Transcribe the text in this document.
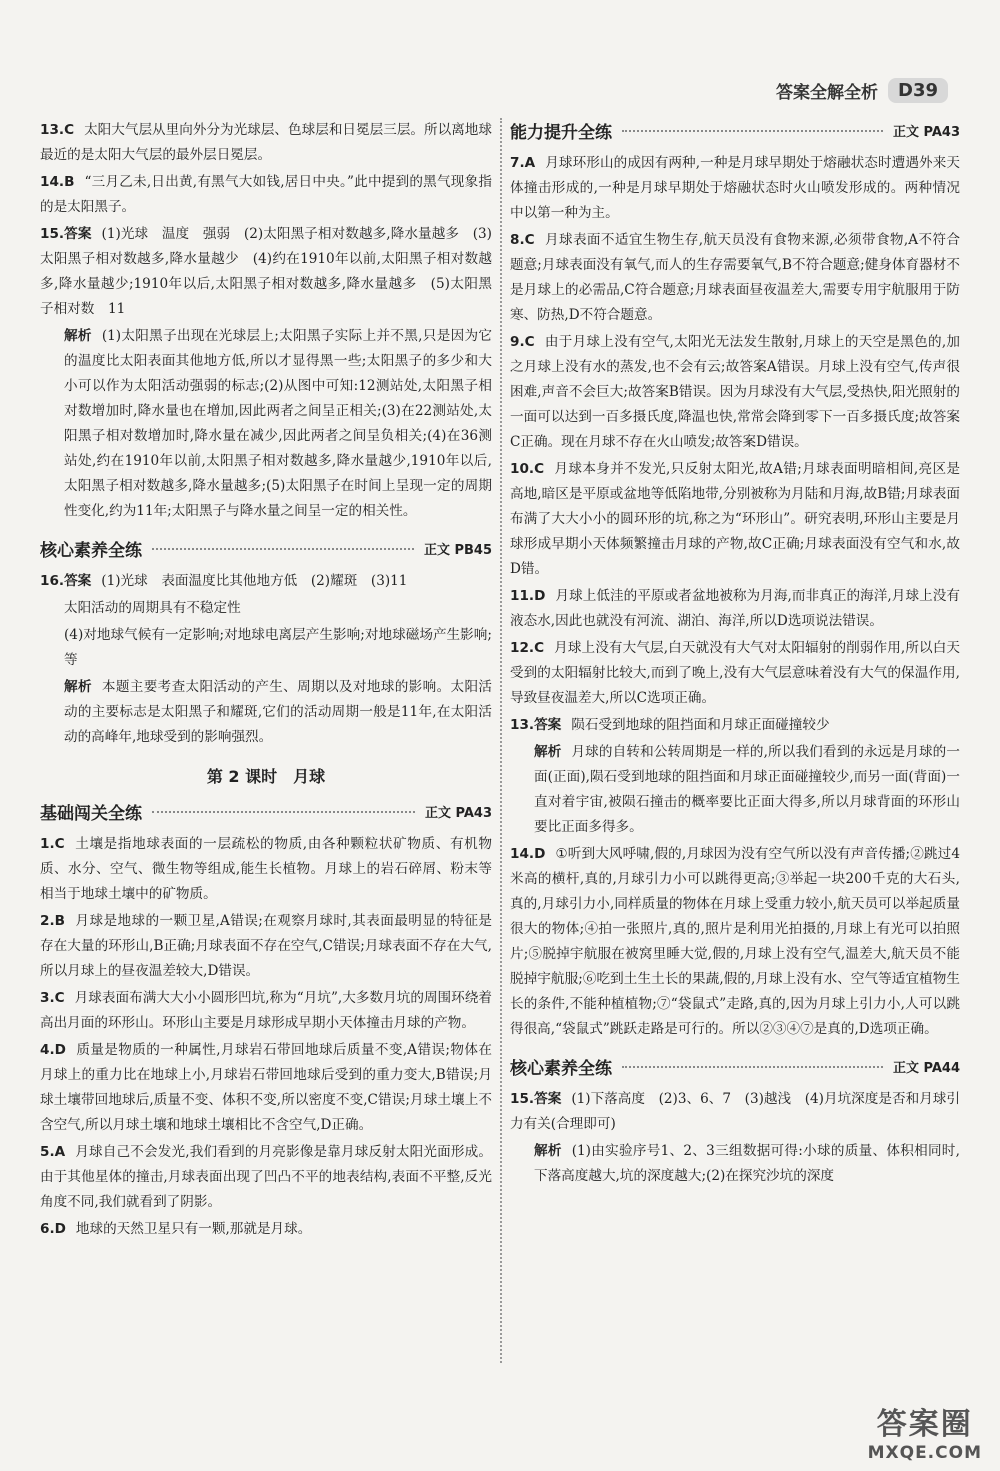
答案全解全析	D39
13.C 太阳大气层从里向外分为光球层、色球层和日冕层三层。所以离地球最近的是太阳大气层的最外层日冕层。
14.B “三月乙未,日出黄,有黑气大如钱,居日中央。”此中提到的黑气现象指的是太阳黑子。
15.答案 (1)光球　温度　强弱　(2)太阳黑子相对数越多,降水量越多　(3)太阳黑子相对数越多,降水量越少　(4)约在1910年以前,太阳黑子相对数越多,降水量越少;1910年以后,太阳黑子相对数越多,降水量越多　(5)太阳黑子相对数　11
解析 (1)太阳黑子出现在光球层上;太阳黑子实际上并不黑,只是因为它的温度比太阳表面其他地方低,所以才显得黑一些;太阳黑子的多少和大小可以作为太阳活动强弱的标志;(2)从图中可知:12测站处,太阳黑子相对数增加时,降水量也在增加,因此两者之间呈正相关;(3)在22测站处,太阳黑子相对数增加时,降水量在减少,因此两者之间呈负相关;(4)在36测站处,约在1910年以前,太阳黑子相对数越多,降水量越少,1910年以后,太阳黑子相对数越多,降水量越多;(5)太阳黑子在时间上呈现一定的周期性变化,约为11年;太阳黑子与降水量之间呈一定的相关性。
核心素养全练	正文 PB45
16.答案 (1)光球　表面温度比其他地方低　(2)耀斑　(3)11
太阳活动的周期具有不稳定性
(4)对地球气候有一定影响;对地球电离层产生影响;对地球磁场产生影响;等
解析 本题主要考查太阳活动的产生、周期以及对地球的影响。太阳活动的主要标志是太阳黑子和耀斑,它们的活动周期一般是11年,在太阳活动的高峰年,地球受到的影响强烈。
第 2 课时　月球
基础闯关全练	正文 PA43
1.C 土壤是指地球表面的一层疏松的物质,由各种颗粒状矿物质、有机物质、水分、空气、微生物等组成,能生长植物。月球上的岩石碎屑、粉末等相当于地球土壤中的矿物质。
2.B 月球是地球的一颗卫星,A错误;在观察月球时,其表面最明显的特征是存在大量的环形山,B正确;月球表面不存在空气,C错误;月球表面不存在大气,所以月球上的昼夜温差较大,D错误。
3.C 月球表面布满大大小小圆形凹坑,称为“月坑”,大多数月坑的周围环绕着高出月面的环形山。环形山主要是月球形成早期小天体撞击月球的产物。
4.D 质量是物质的一种属性,月球岩石带回地球后质量不变,A错误;物体在月球上的重力比在地球上小,月球岩石带回地球后受到的重力变大,B错误;月球土壤带回地球后,质量不变、体积不变,所以密度不变,C错误;月球土壤上不含空气,所以月球土壤和地球土壤相比不含空气,D正确。
5.A 月球自己不会发光,我们看到的月亮影像是靠月球反射太阳光面形成。由于其他星体的撞击,月球表面出现了凹凸不平的地表结构,表面不平整,反光角度不同,我们就看到了阴影。
6.D 地球的天然卫星只有一颗,那就是月球。
能力提升全练	正文 PA43
7.A 月球环形山的成因有两种,一种是月球早期处于熔融状态时遭遇外来天体撞击形成的,一种是月球早期处于熔融状态时火山喷发形成的。两种情况中以第一种为主。
8.C 月球表面不适宜生物生存,航天员没有食物来源,必须带食物,A不符合题意;月球表面没有氧气,而人的生存需要氧气,B不符合题意;健身体育器材不是月球上的必需品,C符合题意;月球表面昼夜温差大,需要专用宇航服用于防寒、防热,D不符合题意。
9.C 由于月球上没有空气,太阳光无法发生散射,月球上的天空是黑色的,加之月球上没有水的蒸发,也不会有云;故答案A错误。月球上没有空气,传声很困难,声音不会巨大;故答案B错误。因为月球没有大气层,受热快,阳光照射的一面可以达到一百多摄氏度,降温也快,常常会降到零下一百多摄氏度;故答案C正确。现在月球不存在火山喷发;故答案D错误。
10.C 月球本身并不发光,只反射太阳光,故A错;月球表面明暗相间,亮区是高地,暗区是平原或盆地等低陷地带,分别被称为月陆和月海,故B错;月球表面布满了大大小小的圆环形的坑,称之为“环形山”。研究表明,环形山主要是月球形成早期小天体频繁撞击月球的产物,故C正确;月球表面没有空气和水,故D错。
11.D 月球上低洼的平原或者盆地被称为月海,而非真正的海洋,月球上没有液态水,因此也就没有河流、湖泊、海洋,所以D选项说法错误。
12.C 月球上没有大气层,白天就没有大气对太阳辐射的削弱作用,所以白天受到的太阳辐射比较大,而到了晚上,没有大气层意味着没有大气的保温作用,导致昼夜温差大,所以C选项正确。
13.答案 陨石受到地球的阻挡面和月球正面碰撞较少
解析 月球的自转和公转周期是一样的,所以我们看到的永远是月球的一面(正面),陨石受到地球的阻挡面和月球正面碰撞较少,而另一面(背面)一直对着宇宙,被陨石撞击的概率要比正面大得多,所以月球背面的环形山要比正面多得多。
14.D ①听到大风呼啸,假的,月球因为没有空气所以没有声音传播;②跳过4米高的横杆,真的,月球引力小可以跳得更高;③举起一块200千克的大石头,真的,月球引力小,同样质量的物体在月球上受重力较小,航天员可以举起质量很大的物体;④拍一张照片,真的,照片是利用光拍摄的,月球上有光可以拍照片;⑤脱掉宇航服在被窝里睡大觉,假的,月球上没有空气,温差大,航天员不能脱掉宇航服;⑥吃到土生土长的果蔬,假的,月球上没有水、空气等适宜植物生长的条件,不能种植植物;⑦“袋鼠式”走路,真的,因为月球上引力小,人可以跳得很高,“袋鼠式”跳跃走路是可行的。所以②③④⑦是真的,D选项正确。
核心素养全练	正文 PA44
15.答案 (1)下落高度　(2)3、6、7　(3)越浅　(4)月坑深度是否和月球引力有关(合理即可)
解析 (1)由实验序号1、2、3三组数据可得:小球的质量、体积相同时,下落高度越大,坑的深度越大;(2)在探究沙坑的深度
答案圈
MXQE.COM
